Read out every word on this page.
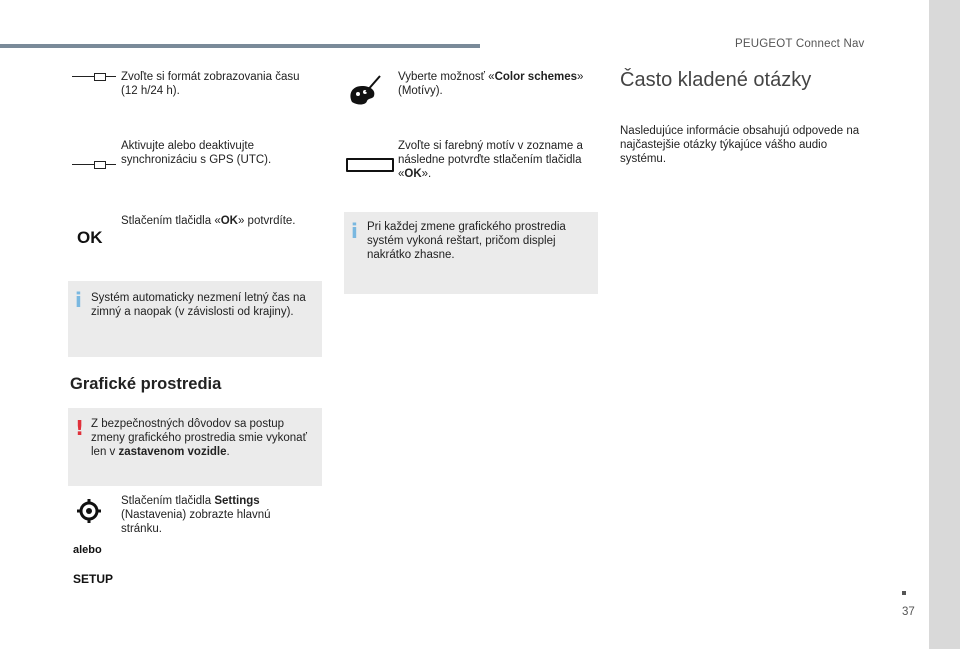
PEUGEOT Connect Nav
Zvoľte si formát zobrazovania času (12 h/24 h).
Aktivujte alebo deaktivujte synchronizáciu s GPS (UTC).
OK
Stlačením tlačidla «OK» potvrdíte.
i Systém automaticky nezmení letný čas na zimný a naopak (v závislosti od krajiny).
Grafické prostredia
! Z bezpečnostných dôvodov sa postup zmeny grafického prostredia smie vykonať len v zastavenom vozidle.
Stlačením tlačidla Settings (Nastavenia) zobrazte hlavnú stránku.
alebo
SETUP
Vyberte možnosť «Color schemes» (Motívy).
Zvoľte si farebný motív v zozname a následne potvrďte stlačením tlačidla «OK».
i Pri každej zmene grafického prostredia systém vykoná reštart, pričom displej nakrátko zhasne.
Často kladené otázky
Nasledujúce informácie obsahujú odpovede na najčastejšie otázky týkajúce vášho audio systému.
37
